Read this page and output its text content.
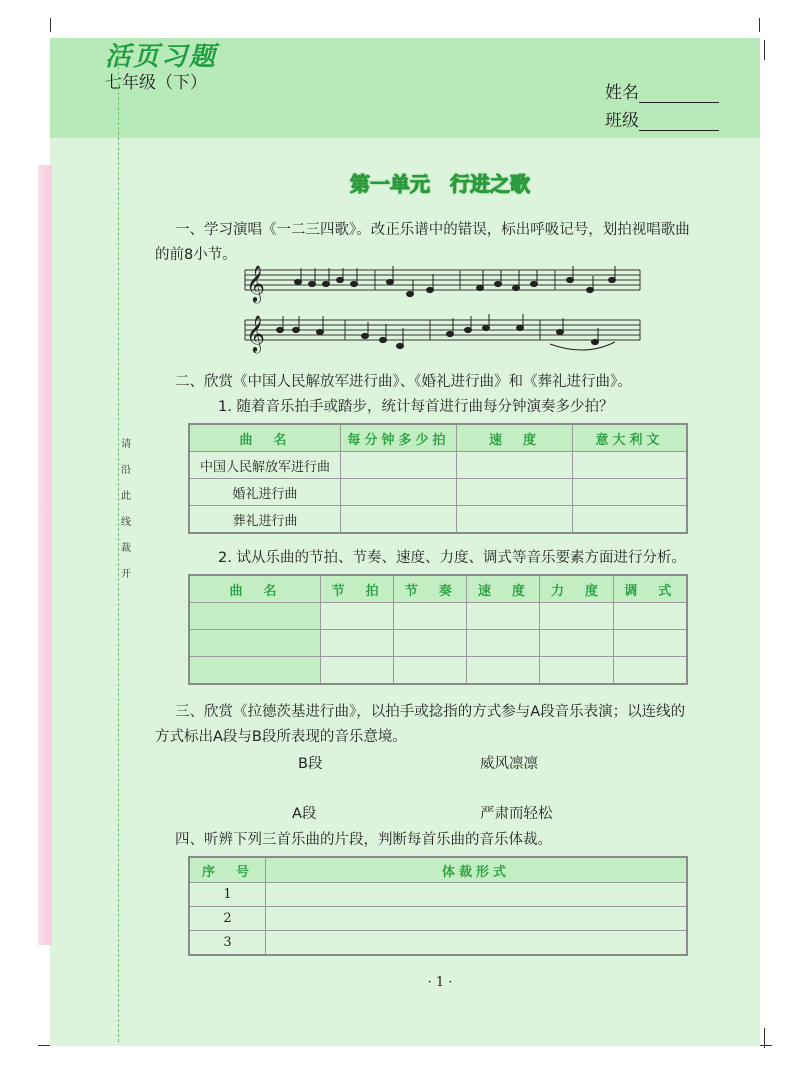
活页习题
七年级（下）	姓名
班级
请
沿
此
线
裁
开
第一单元　行进之歌
一、学习演唱《一二三四歌》。改正乐谱中的错误，标出呼吸记号，划拍视唱歌曲
的前8小节。
𝄞
𝄞
二、欣赏《中国人民解放军进行曲》、《婚礼进行曲》和《葬礼进行曲》。
1. 随着音乐拍手或踏步，统计每首进行曲每分钟演奏多少拍？
曲　名	每分钟多少拍	速　度	意大利文
中国人民解放军进行曲			
婚礼进行曲			
葬礼进行曲			
2. 试从乐曲的节拍、节奏、速度、力度、调式等音乐要素方面进行分析。
曲　名	节　拍	节　奏	速　度	力　度	调　式

三、欣赏《拉德茨基进行曲》，以拍手或捻指的方式参与A段音乐表演；以连线的
方式标出A段与B段所表现的音乐意境。
B段	威风凛凛
A段	严肃而轻松
四、听辨下列三首乐曲的片段，判断每首乐曲的音乐体裁。
序　号	体裁形式
1	
2	
3	
· 1 ·
